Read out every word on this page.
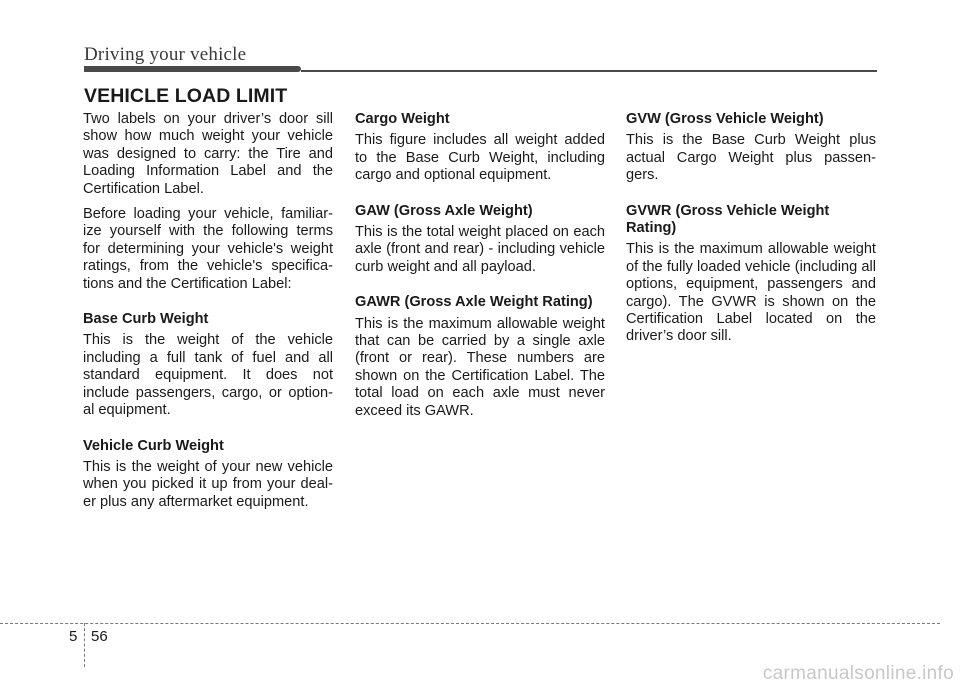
Driving your vehicle
VEHICLE LOAD LIMIT

Two labels on your driver’s door sill show how much weight your vehicle was designed to carry: the Tire and Loading Information Label and the Certification Label.

Before loading your vehicle, familiar-ize yourself with the following terms for determining your vehicle's weight ratings, from the vehicle's specifica-tions and the Certification Label:

Base Curb Weight

This is the weight of the vehicle including a full tank of fuel and all standard equipment. It does not include passengers, cargo, or option-al equipment.

Vehicle Curb Weight

This is the weight of your new vehicle when you picked it up from your deal-er plus any aftermarket equipment.

Cargo Weight

This figure includes all weight added to the Base Curb Weight, including cargo and optional equipment.

GAW (Gross Axle Weight)

This is the total weight placed on each axle (front and rear) - including vehicle curb weight and all payload.

GAWR (Gross Axle Weight Rating)

This is the maximum allowable weight that can be carried by a single axle (front or rear). These numbers are shown on the Certification Label. The total load on each axle must never exceed its GAWR.

GVW (Gross Vehicle Weight)

This is the Base Curb Weight plus actual Cargo Weight plus passen-gers.

GVWR (Gross Vehicle Weight Rating)

This is the maximum allowable weight of the fully loaded vehicle (including all options, equipment, passengers and cargo). The GVWR is shown on the Certification Label located on the driver’s door sill.

5 56
carmanualsonline.info
